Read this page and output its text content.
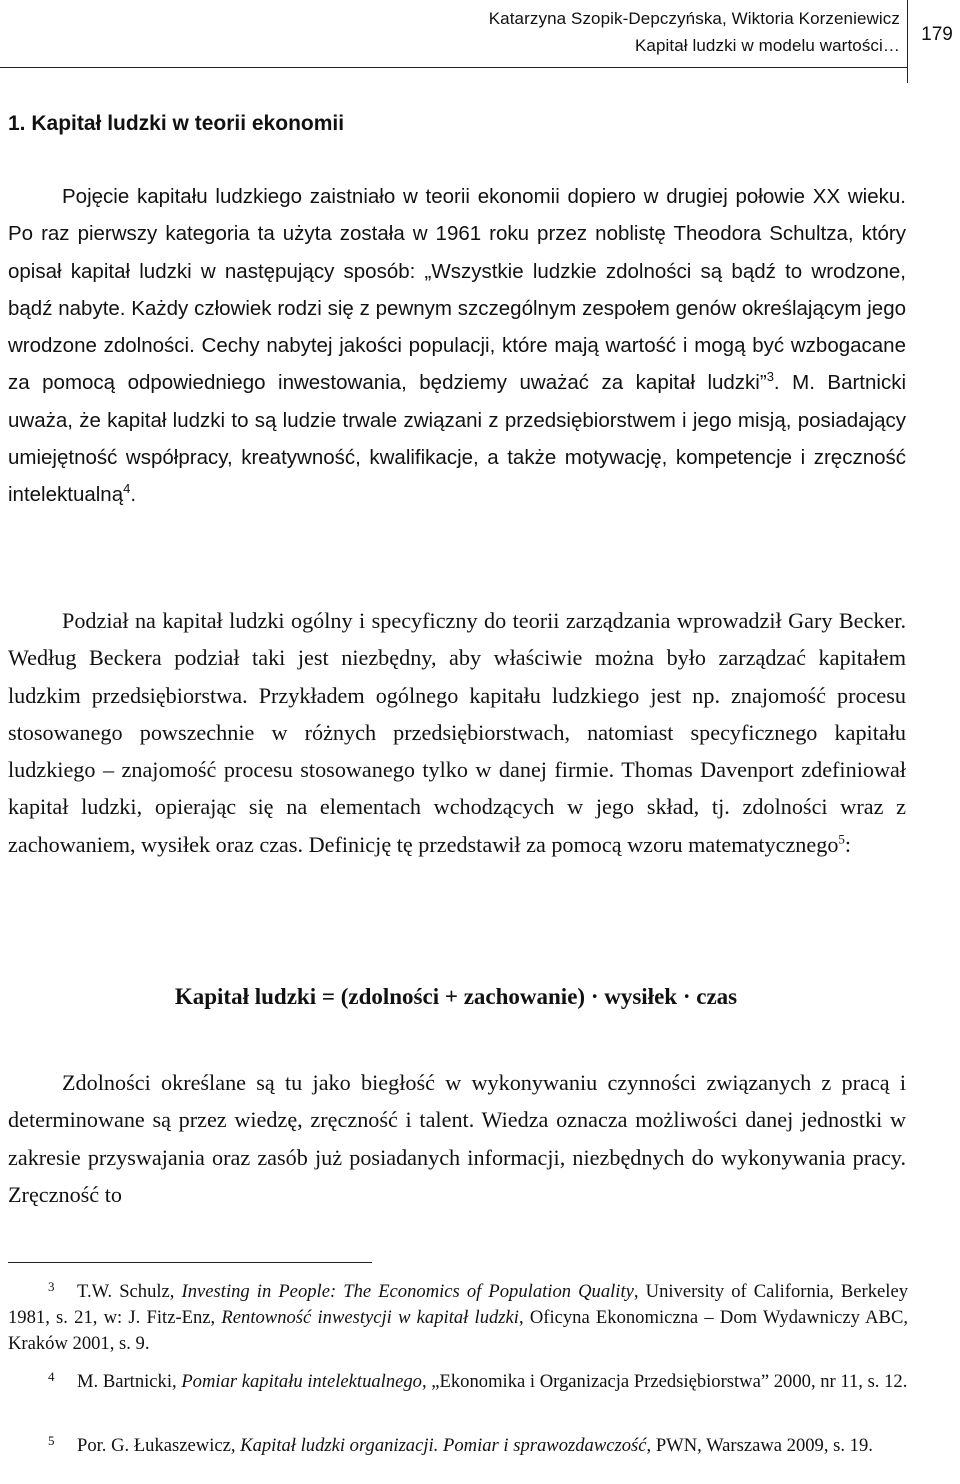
Katarzyna Szopik-Depczyńska, Wiktoria Korzeniewicz
Kapitał ludzki w modelu wartości…
179
1. Kapitał ludzki w teorii ekonomii
Pojęcie kapitału ludzkiego zaistniało w teorii ekonomii dopiero w drugiej połowie XX wieku. Po raz pierwszy kategoria ta użyta została w 1961 roku przez noblistę Theodora Schultza, który opisał kapitał ludzki w następujący sposób: „Wszystkie ludzkie zdolności są bądź to wrodzone, bądź nabyte. Każdy człowiek rodzi się z pewnym szczególnym zespołem genów określającym jego wrodzone zdolności. Cechy nabytej jakości populacji, które mają wartość i mogą być wzbogacane za pomocą odpowiedniego inwestowania, będziemy uważać za kapitał ludzki”$^3$. M. Bartnicki uważa, że kapitał ludzki to są ludzie trwale związani z przedsiębiorstwem i jego misją, posiadający umiejętność współpracy, kreatywność, kwalifikacje, a także motywację, kompetencje i zręczność intelektualną$^4$.
Podział na kapitał ludzki ogólny i specyficzny do teorii zarządzania wprowadził Gary Becker. Według Beckera podział taki jest niezbędny, aby właściwie można było zarządzać kapitałem ludzkim przedsiębiorstwa. Przykładem ogólnego kapitału ludzkiego jest np. znajomość procesu stosowanego powszechnie w różnych przedsiębiorstwach, natomiast specyficznego kapitału ludzkiego – znajomość procesu stosowanego tylko w danej firmie. Thomas Davenport zdefiniował kapitał ludzki, opierając się na elementach wchodzących w jego skład, tj. zdolności wraz z zachowaniem, wysiłek oraz czas. Definicję tę przedstawił za pomocą wzoru matematycznego$^5$:
Kapitał ludzki = (zdolności + zachowanie) · wysiłek · czas
Zdolności określane są tu jako biegłość w wykonywaniu czynności związanych z pracą i determinowane są przez wiedzę, zręczność i talent. Wiedza oznacza możliwości danej jednostki w zakresie przyswajania oraz zasób już posiadanych informacji, niezbędnych do wykonywania pracy. Zręczność to
3 T.W. Schulz, Investing in People: The Economics of Population Quality, University of California, Berkeley 1981, s. 21, w: J. Fitz-Enz, Rentowność inwestycji w kapitał ludzki, Oficyna Ekonomiczna – Dom Wydawniczy ABC, Kraków 2001, s. 9.
4 M. Bartnicki, Pomiar kapitału intelektualnego, „Ekonomika i Organizacja Przedsiębiorstwa” 2000, nr 11, s. 12.
5 Por. G. Łukaszewicz, Kapitał ludzki organizacji. Pomiar i sprawozdawczość, PWN, Warszawa 2009, s. 19.
